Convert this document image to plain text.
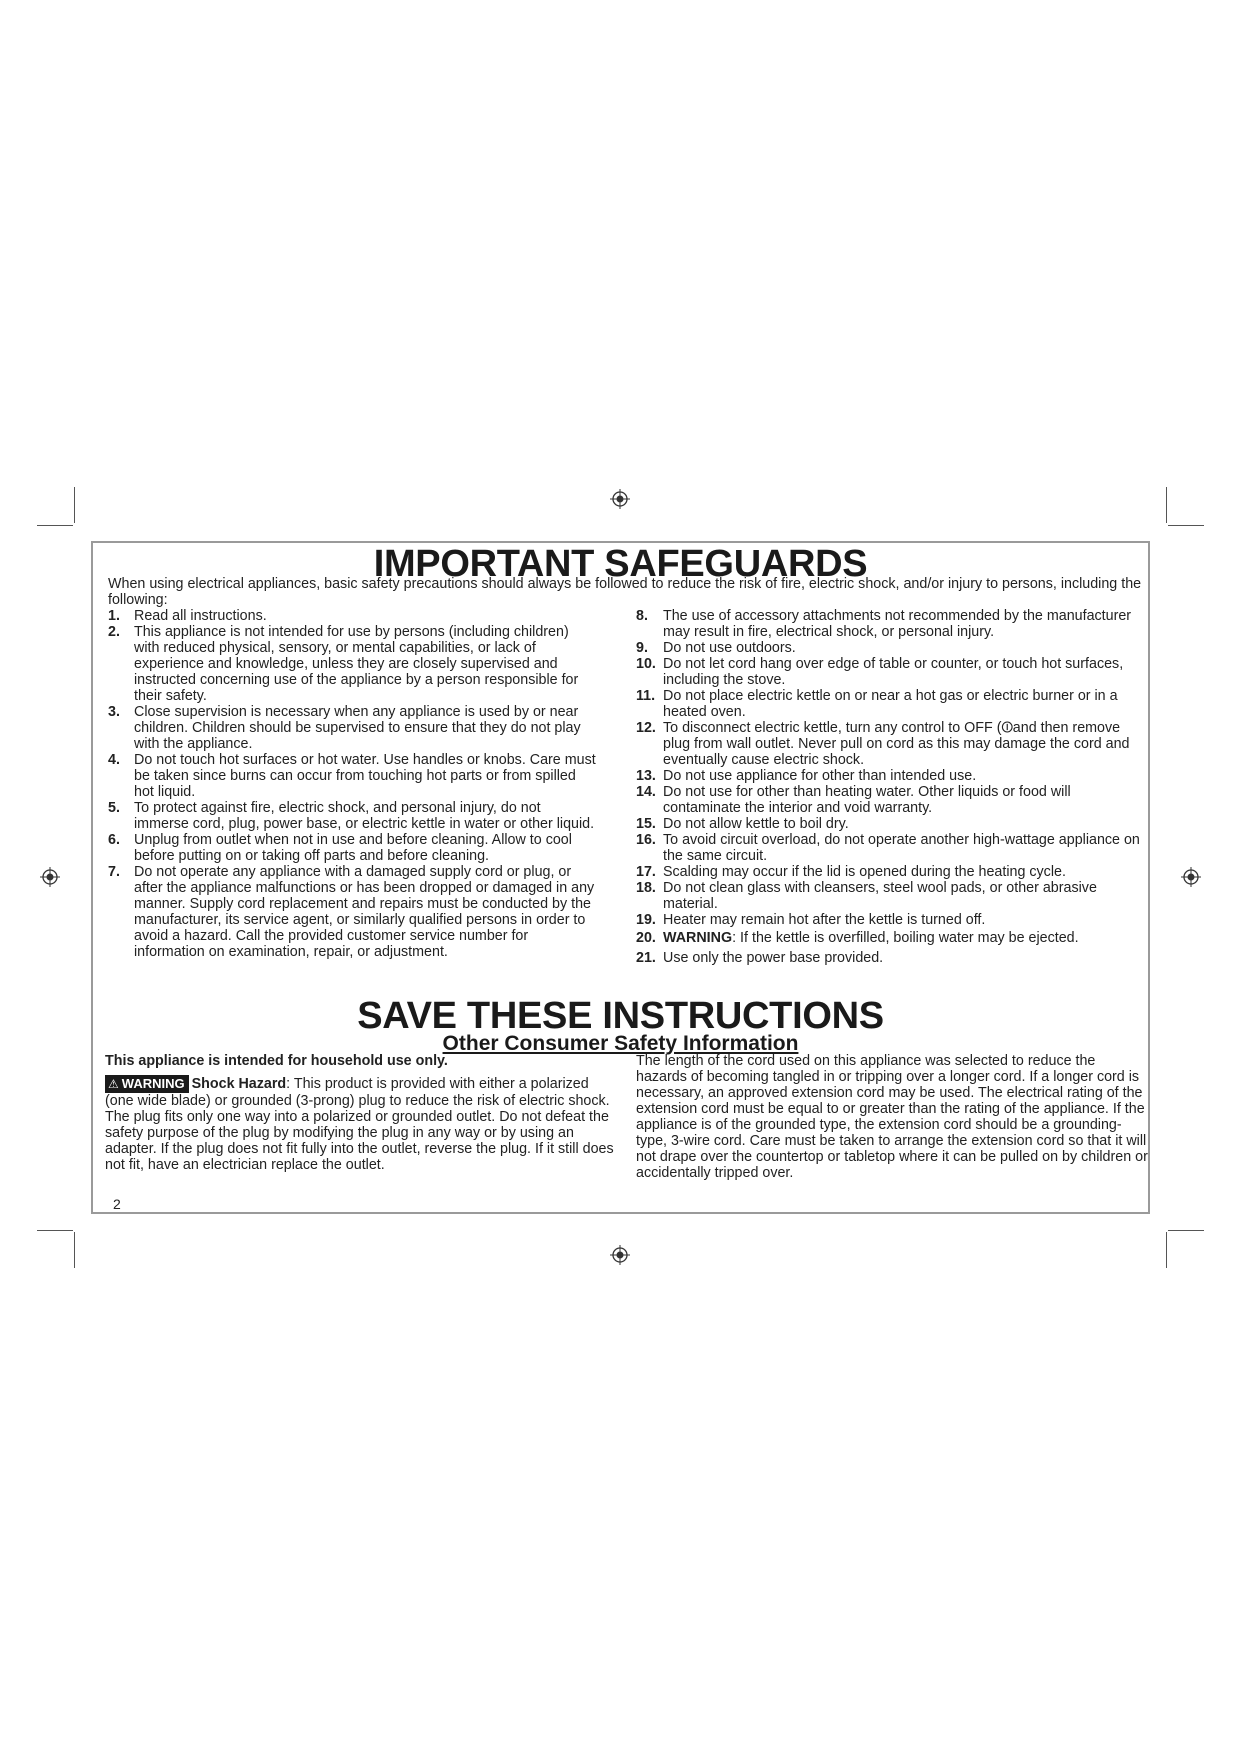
IMPORTANT SAFEGUARDS
When using electrical appliances, basic safety precautions should always be followed to reduce the risk of fire, electric shock, and/or injury to persons, including the following:
1. Read all instructions.
2. This appliance is not intended for use by persons (including children) with reduced physical, sensory, or mental capabilities, or lack of experience and knowledge, unless they are closely supervised and instructed concerning use of the appliance by a person responsible for their safety.
3. Close supervision is necessary when any appliance is used by or near children. Children should be supervised to ensure that they do not play with the appliance.
4. Do not touch hot surfaces or hot water. Use handles or knobs. Care must be taken since burns can occur from touching hot parts or from spilled hot liquid.
5. To protect against fire, electric shock, and personal injury, do not immerse cord, plug, power base, or electric kettle in water or other liquid.
6. Unplug from outlet when not in use and before cleaning. Allow to cool before putting on or taking off parts and before cleaning.
7. Do not operate any appliance with a damaged supply cord or plug, or after the appliance malfunctions or has been dropped or damaged in any manner. Supply cord replacement and repairs must be conducted by the manufacturer, its service agent, or similarly qualified persons in order to avoid a hazard. Call the provided customer service number for information on examination, repair, or adjustment.
8. The use of accessory attachments not recommended by the manufacturer may result in fire, electrical shock, or personal injury.
9. Do not use outdoors.
10. Do not let cord hang over edge of table or counter, or touch hot surfaces, including the stove.
11. Do not place electric kettle on or near a hot gas or electric burner or in a heated oven.
12. To disconnect electric kettle, turn any control to OFF (⏼and then remove plug from wall outlet. Never pull on cord as this may damage the cord and eventually cause electric shock.
13. Do not use appliance for other than intended use.
14. Do not use for other than heating water. Other liquids or food will contaminate the interior and void warranty.
15. Do not allow kettle to boil dry.
16. To avoid circuit overload, do not operate another high-wattage appliance on the same circuit.
17. Scalding may occur if the lid is opened during the heating cycle.
18. Do not clean glass with cleansers, steel wool pads, or other abrasive material.
19. Heater may remain hot after the kettle is turned off.
20. WARNING: If the kettle is overfilled, boiling water may be ejected.
21. Use only the power base provided.
SAVE THESE INSTRUCTIONS
Other Consumer Safety Information
This appliance is intended for household use only.
⚠ WARNING Shock Hazard: This product is provided with either a polarized (one wide blade) or grounded (3-prong) plug to reduce the risk of electric shock. The plug fits only one way into a polarized or grounded outlet. Do not defeat the safety purpose of the plug by modifying the plug in any way or by using an adapter. If the plug does not fit fully into the outlet, reverse the plug. If it still does not fit, have an electrician replace the outlet.
The length of the cord used on this appliance was selected to reduce the hazards of becoming tangled in or tripping over a longer cord. If a longer cord is necessary, an approved extension cord may be used. The electrical rating of the extension cord must be equal to or greater than the rating of the appliance. If the appliance is of the grounded type, the extension cord should be a grounding-type, 3-wire cord. Care must be taken to arrange the extension cord so that it will not drape over the countertop or tabletop where it can be pulled on by children or accidentally tripped over.
2
